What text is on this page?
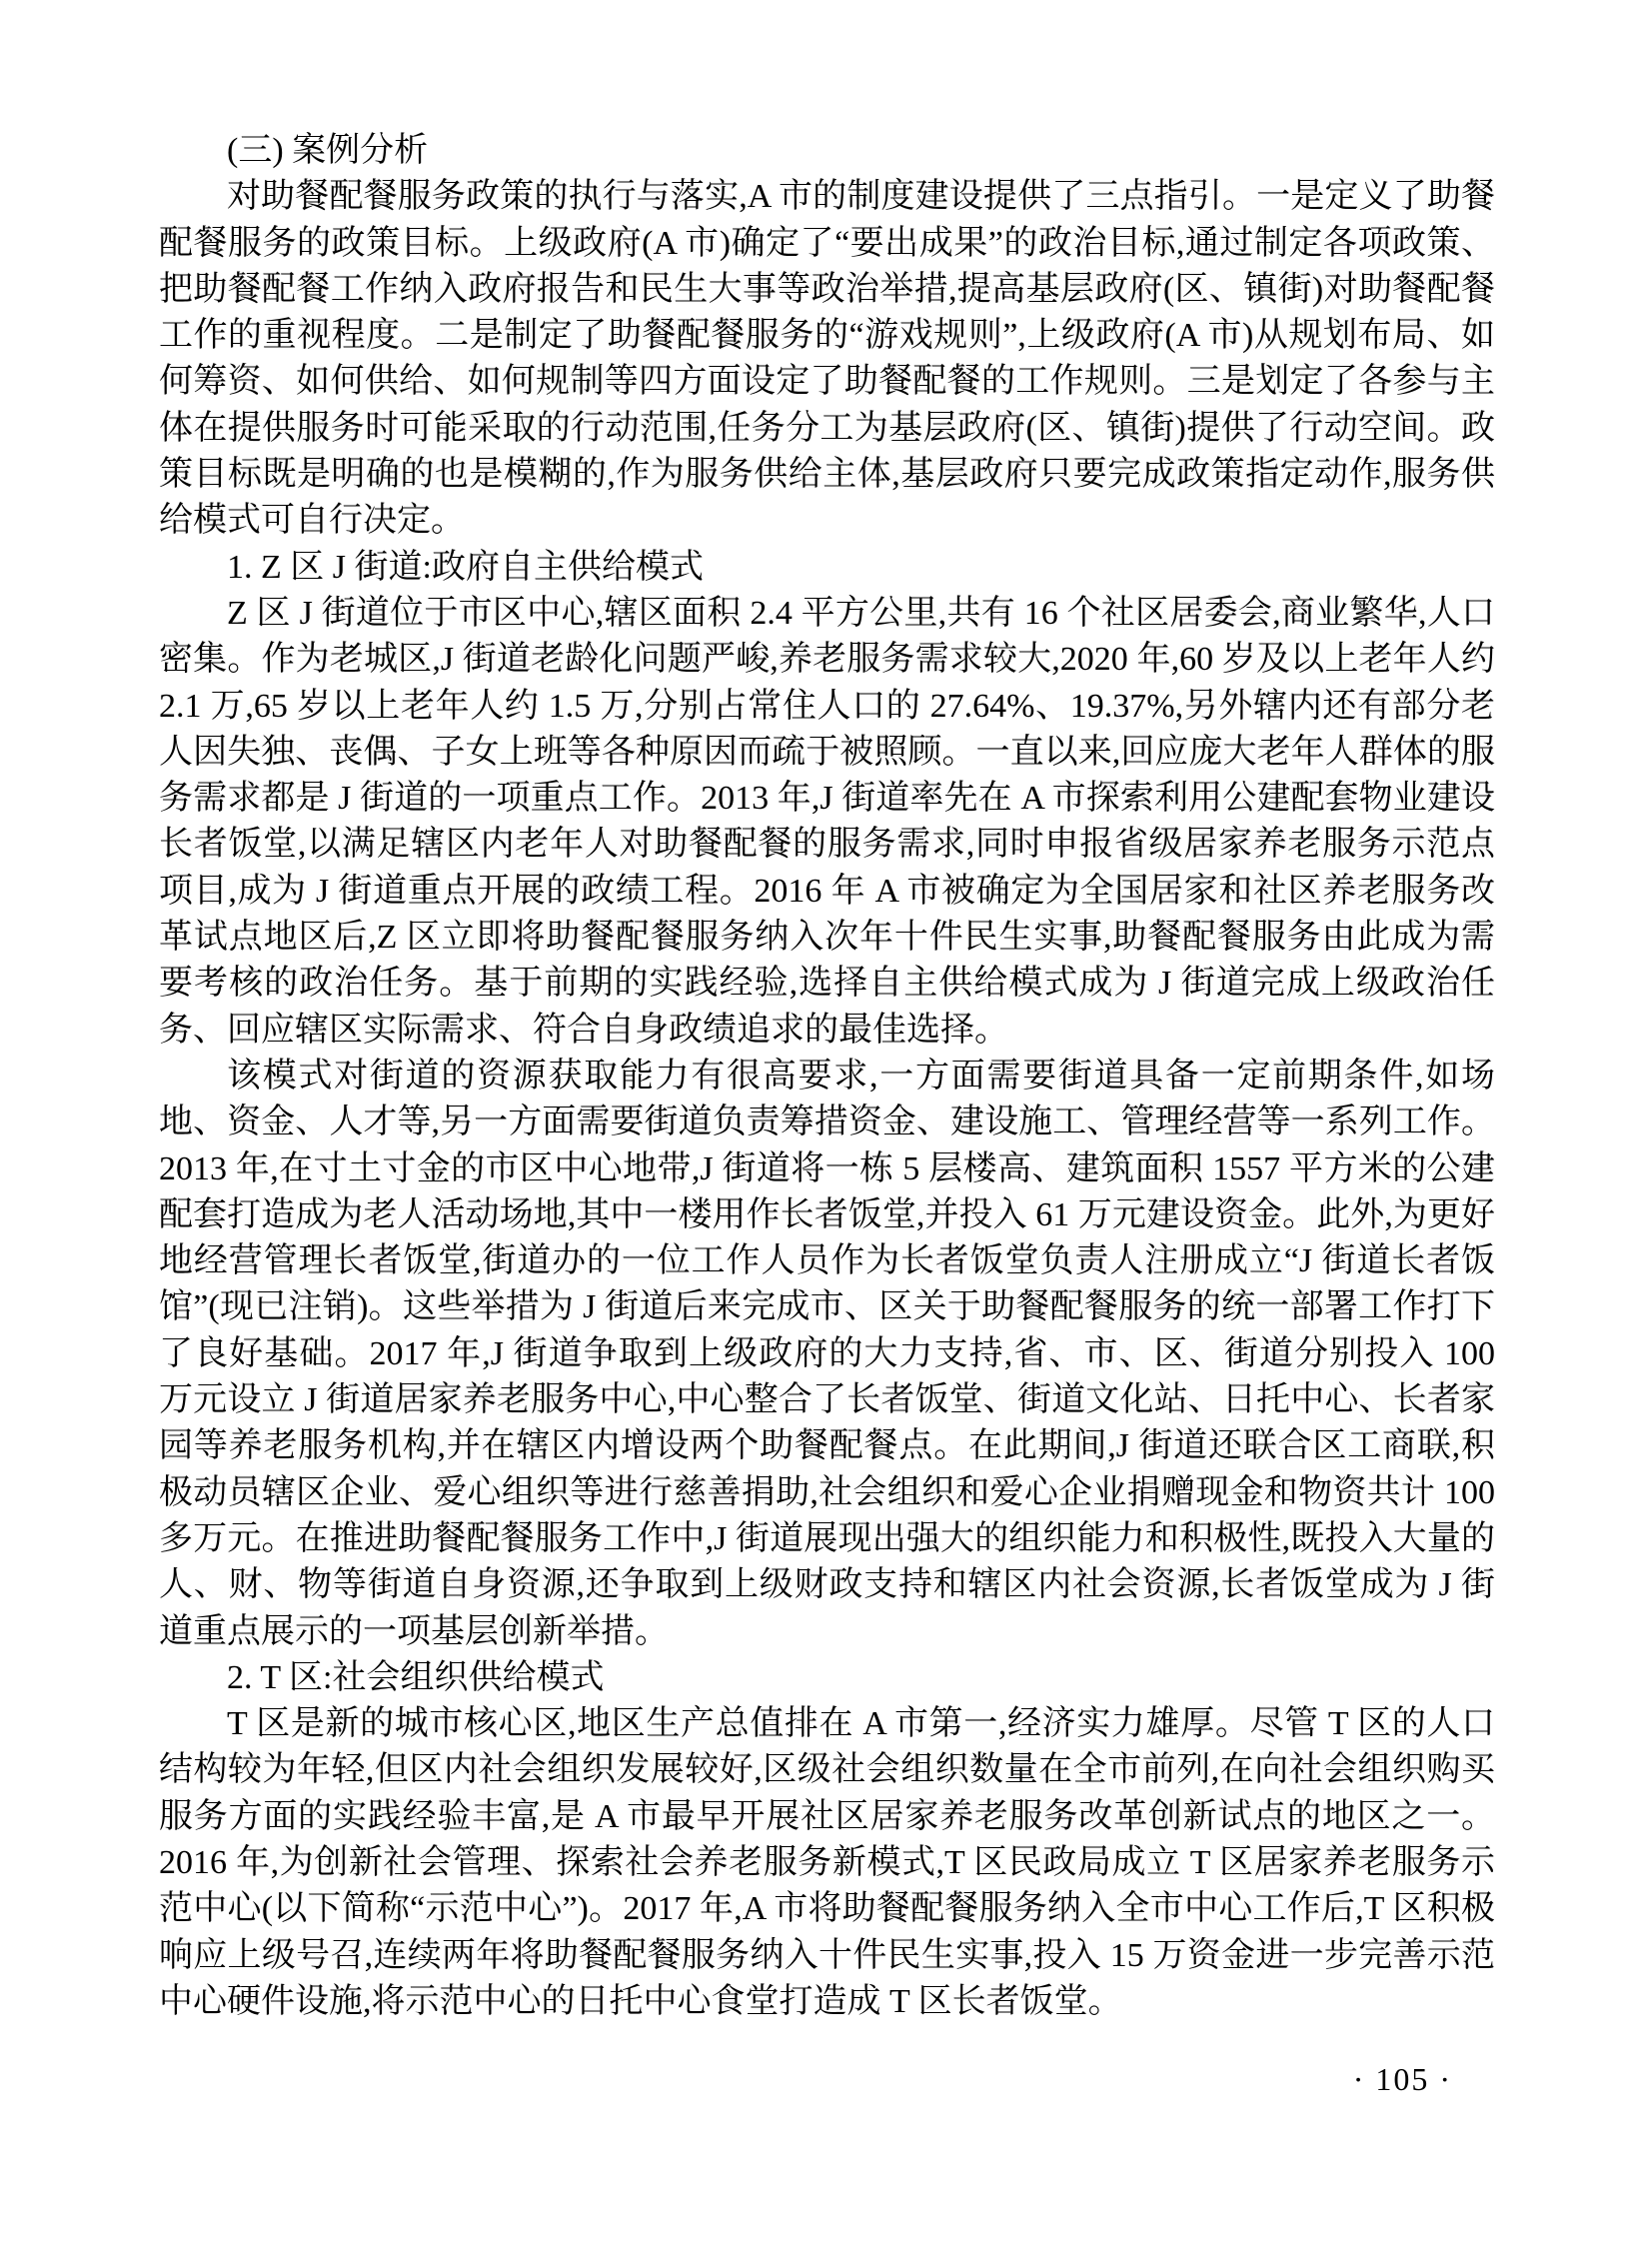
(三) 案例分析

对助餐配餐服务政策的执行与落实,A 市的制度建设提供了三点指引。一是定义了助餐配餐服务的政策目标。上级政府(A 市)确定了“要出成果”的政治目标,通过制定各项政策、把助餐配餐工作纳入政府报告和民生大事等政治举措,提高基层政府(区、镇街)对助餐配餐工作的重视程度。二是制定了助餐配餐服务的“游戏规则”,上级政府(A 市)从规划布局、如何筹资、如何供给、如何规制等四方面设定了助餐配餐的工作规则。三是划定了各参与主体在提供服务时可能采取的行动范围,任务分工为基层政府(区、镇街)提供了行动空间。政策目标既是明确的也是模糊的,作为服务供给主体,基层政府只要完成政策指定动作,服务供给模式可自行决定。

1. Z 区 J 街道:政府自主供给模式

Z 区 J 街道位于市区中心,辖区面积 2.4 平方公里,共有 16 个社区居委会,商业繁华,人口密集。作为老城区,J 街道老龄化问题严峻,养老服务需求较大,2020 年,60 岁及以上老年人约 2.1 万,65 岁以上老年人约 1.5 万,分别占常住人口的 27.64%、19.37%,另外辖内还有部分老人因失独、丧偶、子女上班等各种原因而疏于被照顾。一直以来,回应庞大老年人群体的服务需求都是 J 街道的一项重点工作。2013 年,J 街道率先在 A 市探索利用公建配套物业建设长者饭堂,以满足辖区内老年人对助餐配餐的服务需求,同时申报省级居家养老服务示范点项目,成为 J 街道重点开展的政绩工程。2016 年 A 市被确定为全国居家和社区养老服务改革试点地区后,Z 区立即将助餐配餐服务纳入次年十件民生实事,助餐配餐服务由此成为需要考核的政治任务。基于前期的实践经验,选择自主供给模式成为 J 街道完成上级政治任务、回应辖区实际需求、符合自身政绩追求的最佳选择。

该模式对街道的资源获取能力有很高要求,一方面需要街道具备一定前期条件,如场地、资金、人才等,另一方面需要街道负责筹措资金、建设施工、管理经营等一系列工作。2013 年,在寸土寸金的市区中心地带,J 街道将一栋 5 层楼高、建筑面积 1557 平方米的公建配套打造成为老人活动场地,其中一楼用作长者饭堂,并投入 61 万元建设资金。此外,为更好地经营管理长者饭堂,街道办的一位工作人员作为长者饭堂负责人注册成立“J 街道长者饭馆”(现已注销)。这些举措为 J 街道后来完成市、区关于助餐配餐服务的统一部署工作打下了良好基础。2017 年,J 街道争取到上级政府的大力支持,省、市、区、街道分别投入 100 万元设立 J 街道居家养老服务中心,中心整合了长者饭堂、街道文化站、日托中心、长者家园等养老服务机构,并在辖区内增设两个助餐配餐点。在此期间,J 街道还联合区工商联,积极动员辖区企业、爱心组织等进行慈善捐助,社会组织和爱心企业捐赠现金和物资共计 100 多万元。在推进助餐配餐服务工作中,J 街道展现出强大的组织能力和积极性,既投入大量的人、财、物等街道自身资源,还争取到上级财政支持和辖区内社会资源,长者饭堂成为 J 街道重点展示的一项基层创新举措。

2. T 区:社会组织供给模式

T 区是新的城市核心区,地区生产总值排在 A 市第一,经济实力雄厚。尽管 T 区的人口结构较为年轻,但区内社会组织发展较好,区级社会组织数量在全市前列,在向社会组织购买服务方面的实践经验丰富,是 A 市最早开展社区居家养老服务改革创新试点的地区之一。2016 年,为创新社会管理、探索社会养老服务新模式,T 区民政局成立 T 区居家养老服务示范中心(以下简称“示范中心”)。2017 年,A 市将助餐配餐服务纳入全市中心工作后,T 区积极响应上级号召,连续两年将助餐配餐服务纳入十件民生实事,投入 15 万资金进一步完善示范中心硬件设施,将示范中心的日托中心食堂打造成 T 区长者饭堂。

· 105 ·
